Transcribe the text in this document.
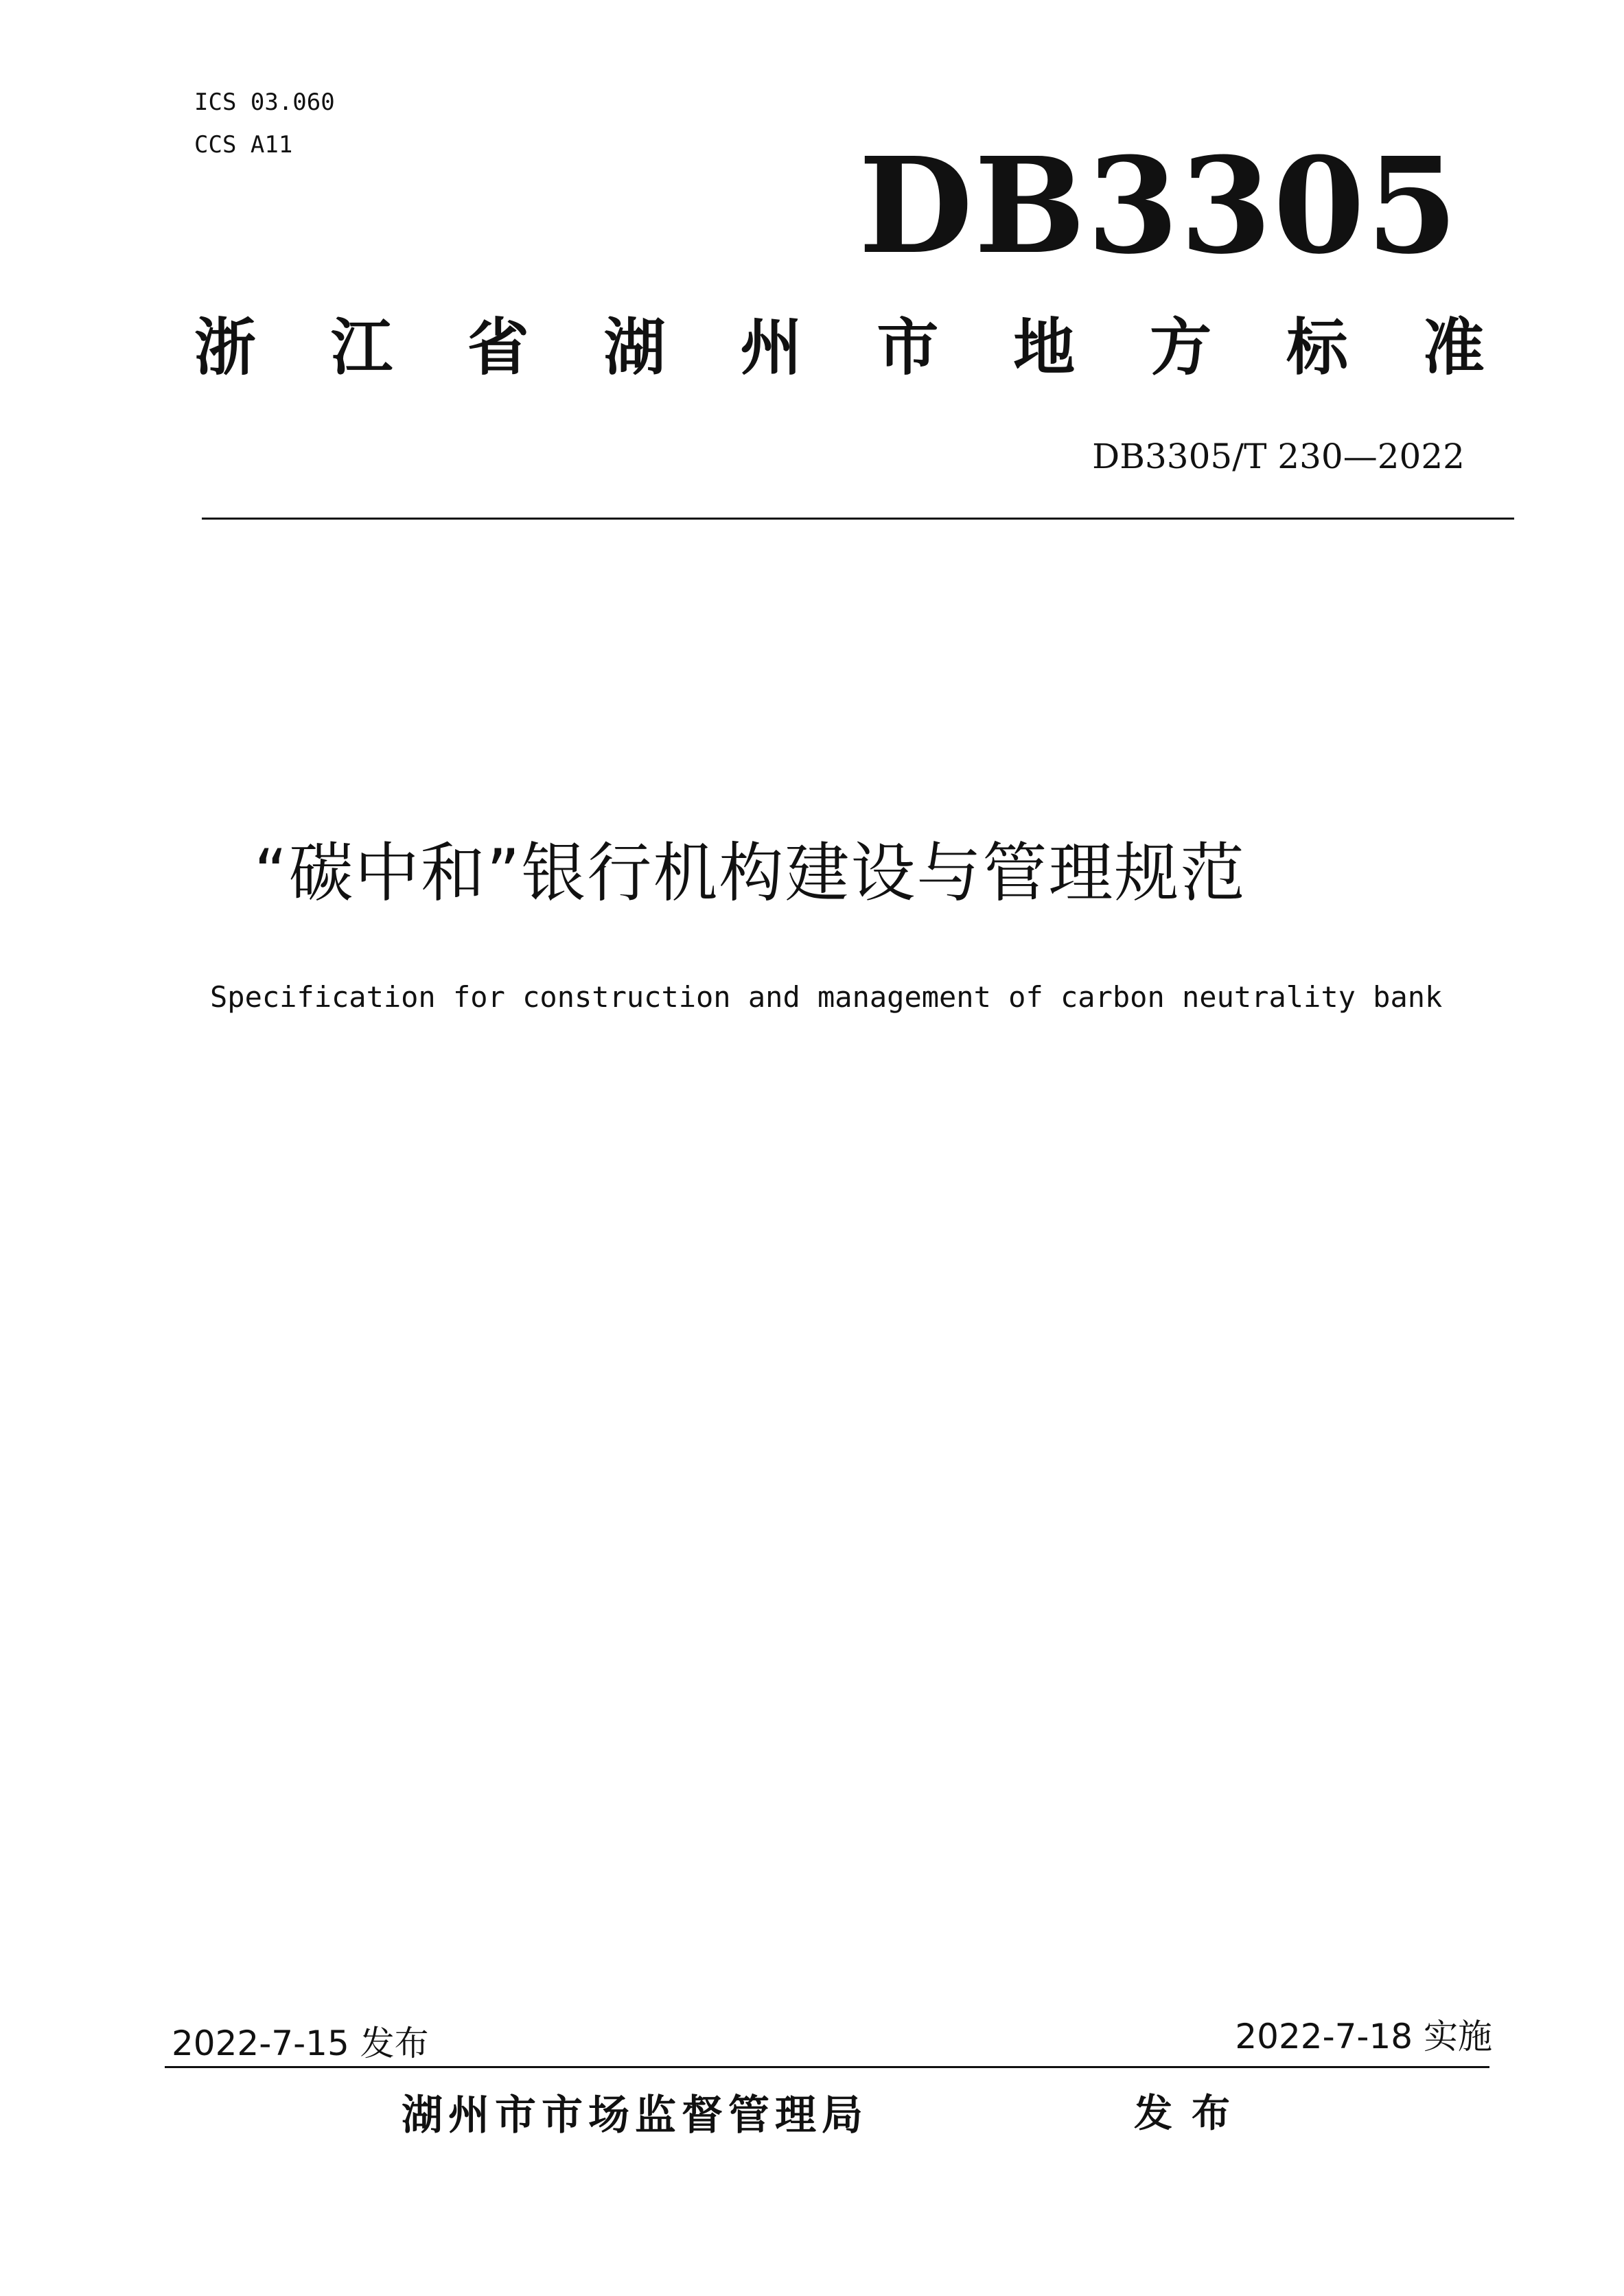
ICS 03.060
CCS A11	DB3305
浙 江 省 湖 州 市 地 方 标 准
DB3305/T 230—2022
“碳中和”银行机构建设与管理规范
Specification for construction and management of carbon neutrality bank
2022-7-15 发布	2022-7-18 实施
湖州市市场监督管理局	发布
